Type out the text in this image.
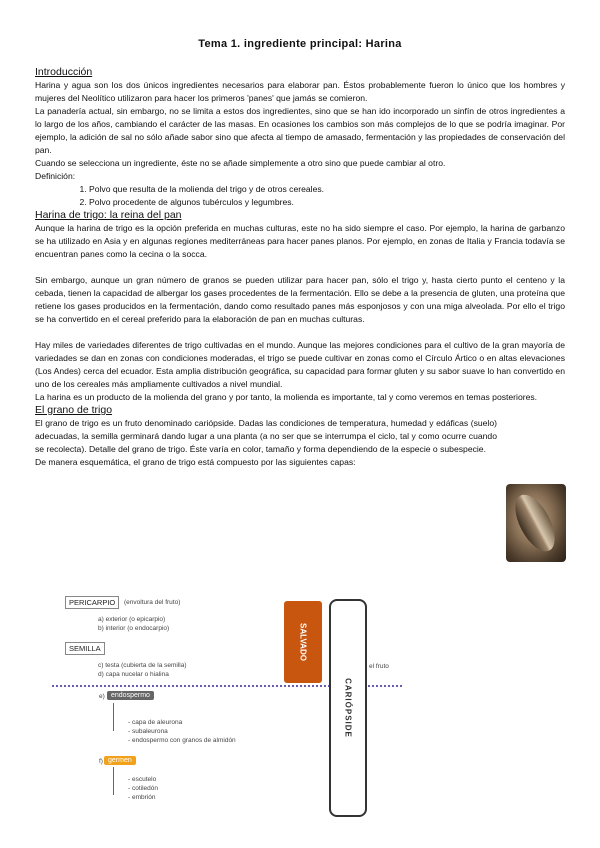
Tema 1. ingrediente principal: Harina

Introducción

Harina y agua son los dos únicos ingredientes necesarios para elaborar pan. Éstos probablemente fueron lo único que los hombres y mujeres del Neolítico utilizaron para hacer los primeros 'panes' que jamás se comieron.

La panadería actual, sin embargo, no se limita a estos dos ingredientes, sino que se han ido incorporado un sinfín de otros ingredientes a lo largo de los años, cambiando el carácter de las masas. En ocasiones los cambios son más complejos de lo que se podría imaginar. Por ejemplo, la adición de sal no sólo añade sabor sino que afecta al tiempo de amasado, fermentación y las propiedades de conservación del pan.

Cuando se selecciona un ingrediente, éste no se añade simplemente a otro sino que puede cambiar al otro.

Definición:

1. Polvo que resulta de la molienda del trigo y de otros cereales.
2. Polvo procedente de algunos tubérculos y legumbres.

Harina de trigo: la reina del pan

Aunque la harina de trigo es la opción preferida en muchas culturas, este no ha sido siempre el caso. Por ejemplo, la harina de garbanzo se ha utilizado en Asia y en algunas regiones mediterráneas para hacer panes planos. Por ejemplo, en zonas de Italia y Francia todavía se encuentran panes como la cecina o la socca.

Sin embargo, aunque un gran número de granos se pueden utilizar para hacer pan, sólo el trigo y, hasta cierto punto el centeno y la cebada, tienen la capacidad de albergar los gases procedentes de la fermentación. Ello se debe a la presencia de gluten, una proteína que retiene los gases producidos en la fermentación, dando como resultado panes más esponjosos y con una miga alveolada. Por ello el trigo se ha convertido en el cereal preferido para la elaboración de pan en muchas culturas.

Hay miles de variedades diferentes de trigo cultivadas en el mundo. Aunque las mejores condiciones para el cultivo de la gran mayoría de variedades se dan en zonas con condiciones moderadas, el trigo se puede cultivar en zonas como el Círculo Ártico o en altas elevaciones (Los Andes) cerca del ecuador. Esta amplia distribución geográfica, su capacidad para formar gluten y su sabor suave lo han convertido en uno de los cereales más ampliamente cultivados a nivel mundial.

La harina es un producto de la molienda del grano y por tanto, la molienda es importante, tal y como veremos en temas posteriores.

El grano de trigo

El grano de trigo es un fruto denominado cariópside. Dadas las condiciones de temperatura, humedad y edáficas (suelo) adecuadas, la semilla germinará dando lugar a una planta (a no ser que se interrumpa el ciclo, tal y como ocurre cuando se recolecta). Detalle del grano de trigo. Éste varía en color, tamaño y forma dependiendo de la especie o subespecie.

De manera esquemática, el grano de trigo está compuesto por las siguientes capas:

PERICARPIO	(envoltura del fruto)
a) exterior (o epicarpio)
b) interior (o endocarpio)
SEMILLA
c) testa (cubierta de la semilla)
d) capa nucelar o hialina
el fruto
e) endospermo
- capa de aleurona
- subaleurona
- endospermo con granos de almidón
f) germen
- escutelo
- cotiledón
- embrión
SALVADO
CARIÓPSIDE
